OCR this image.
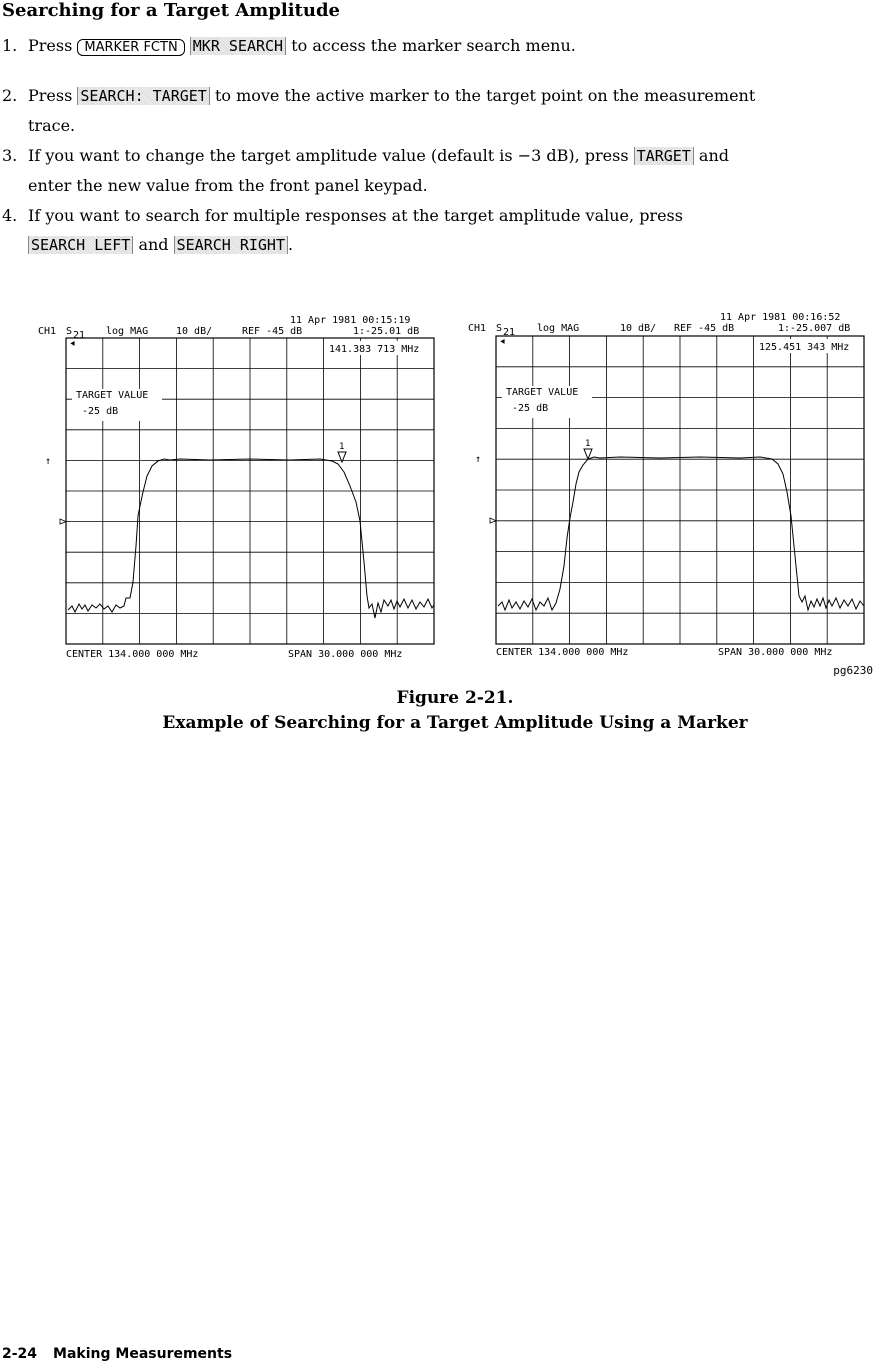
Searching for a Target Amplitude
1. Press MARKER FCTN MKR SEARCH to access the marker search menu.
2. Press SEARCH: TARGET to move the active marker to the target point on the measurement
trace.
3. If you want to change the target amplitude value (default is −3 dB), press TARGET and
enter the new value from the front panel keypad.
4. If you want to search for multiple responses at the target amplitude value, press
SEARCH LEFT and SEARCH RIGHT .
11 Apr 1981 00:15:19
CH1 S 21 log MAG	10 dB/	REF -45 dB	1:-25.01 dB
141.383 713 MHz
TARGET VALUE
-25 dB
⯇
↑
1
CENTER 134.000 000 MHz	SPAN 30.000 000 MHz
11 Apr 1981 00:16:52
CH1 S 21 log MAG	10 dB/ REF -45 dB	1:-25.007 dB
125.451 343 MHz
TARGET VALUE
-25 dB
⯇
↑
1
CENTER 134.000 000 MHz	SPAN 30.000 000 MHz
pg6230
Figure 2-21.
Example of Searching for a Target Amplitude Using a Marker
2-24 Making Measurements
